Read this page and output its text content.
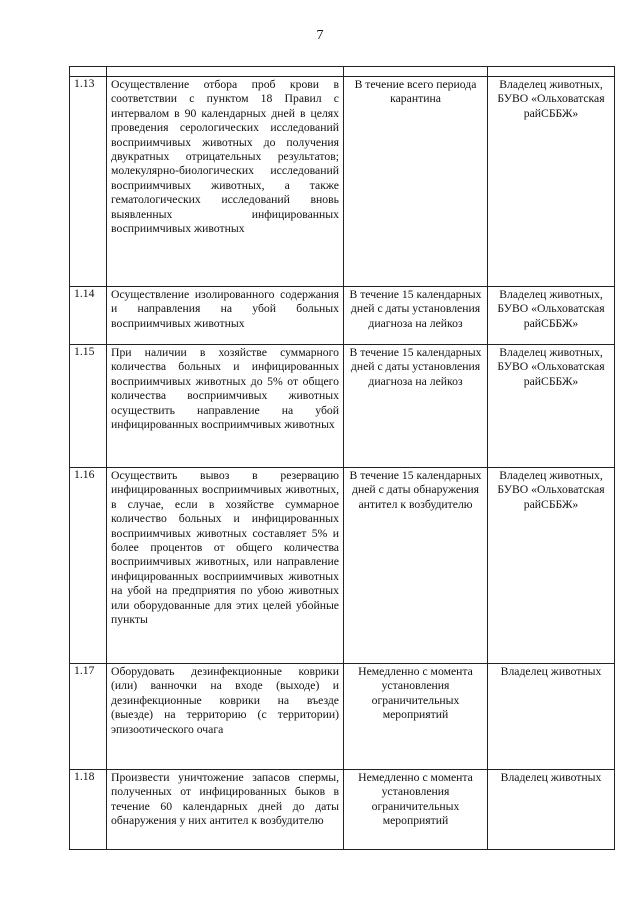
7

1.13	Осуществление отбора проб крови в соответствии с пунктом 18 Правил с интервалом в 90 календарных дней в целях проведения серологических исследований восприимчивых животных до получения двукратных отрицательных результатов; молекулярно-биологических исследований восприимчивых животных, а также гематологических исследований вновь выявленных инфицированных восприимчивых животных	В течение всего периода карантина	Владелец животных, БУВО «Ольховатская райСББЖ»
1.14	Осуществление изолированного содержания и направления на убой больных восприимчивых животных	В течение 15 календарных дней с даты установления диагноза на лейкоз	Владелец животных, БУВО «Ольховатская райСББЖ»
1.15	При наличии в хозяйстве суммарного количества больных и инфицированных восприимчивых животных до 5% от общего количества восприимчивых животных осуществить направление на убой инфицированных восприимчивых животных	В течение 15 календарных дней с даты установления диагноза на лейкоз	Владелец животных, БУВО «Ольховатская райСББЖ»
1.16	Осуществить вывоз в резервацию инфицированных восприимчивых животных, в случае, если в хозяйстве суммарное количество больных и инфицированных восприимчивых животных составляет 5% и более процентов от общего количества восприимчивых животных, или направление инфицированных восприимчивых животных на убой на предприятия по убою животных или оборудованные для этих целей убойные пункты	В течение 15 календарных дней с даты обнаружения антител к возбудителю	Владелец животных, БУВО «Ольховатская райСББЖ»
1.17	Оборудовать дезинфекционные коврики (или) ванночки на входе (выходе) и дезинфекционные коврики на въезде (выезде) на территорию (с территории) эпизоотического очага	Немедленно с момента установления ограничительных мероприятий	Владелец животных
1.18	Произвести уничтожение запасов спермы, полученных от инфицированных быков в течение 60 календарных дней до даты обнаружения у них антител к возбудителю	Немедленно с момента установления ограничительных мероприятий	Владелец животных
